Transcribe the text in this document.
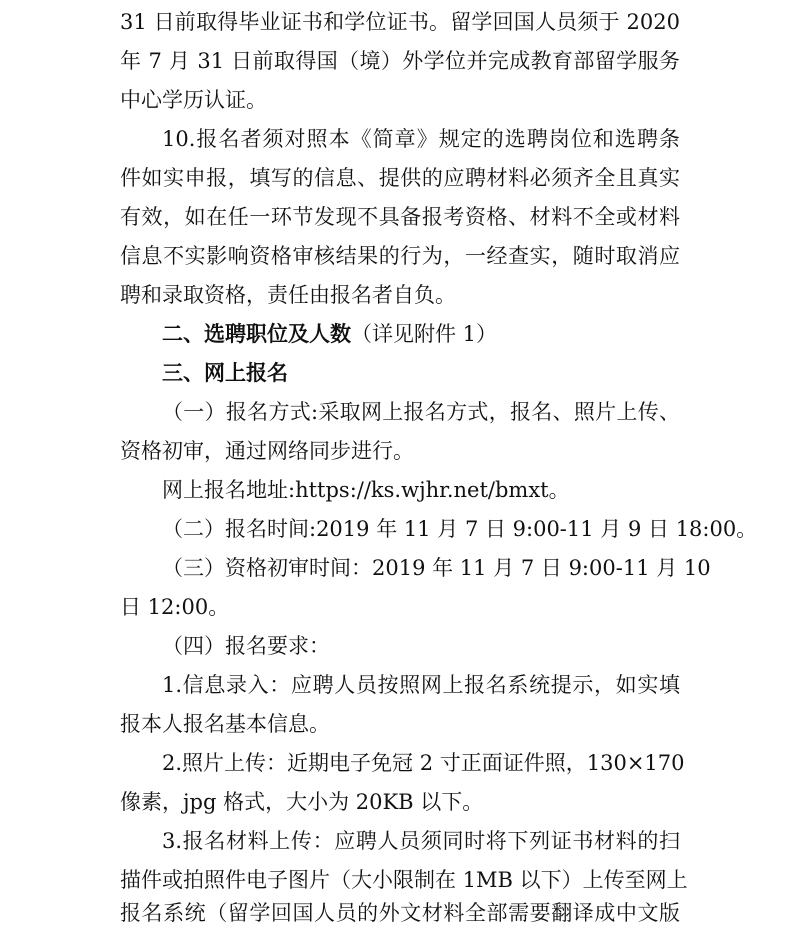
31 日前取得毕业证书和学位证书。留学回国人员须于 2020
年 7 月 31 日前取得国（境）外学位并完成教育部留学服务
中心学历认证。
10.报名者须对照本《简章》规定的选聘岗位和选聘条
件如实申报，填写的信息、提供的应聘材料必须齐全且真实
有效，如在任一环节发现不具备报考资格、材料不全或材料
信息不实影响资格审核结果的行为，一经查实，随时取消应
聘和录取资格，责任由报名者自负。
二、选聘职位及人数（详见附件 1）
三、网上报名
（一）报名方式:采取网上报名方式，报名、照片上传、
资格初审，通过网络同步进行。
网上报名地址:https://ks.wjhr.net/bmxt。
（二）报名时间:2019 年 11 月 7 日 9:00-11 月 9 日 18:00。
（三）资格初审时间：2019 年 11 月 7 日 9:00-11 月 10
日 12:00。
（四）报名要求：
1.信息录入：应聘人员按照网上报名系统提示，如实填
报本人报名基本信息。
2.照片上传：近期电子免冠 2 寸正面证件照，130×170
像素，jpg 格式，大小为 20KB 以下。
3.报名材料上传：应聘人员须同时将下列证书材料的扫
描件或拍照件电子图片（大小限制在 1MB 以下）上传至网上
报名系统（留学回国人员的外文材料全部需要翻译成中文版
